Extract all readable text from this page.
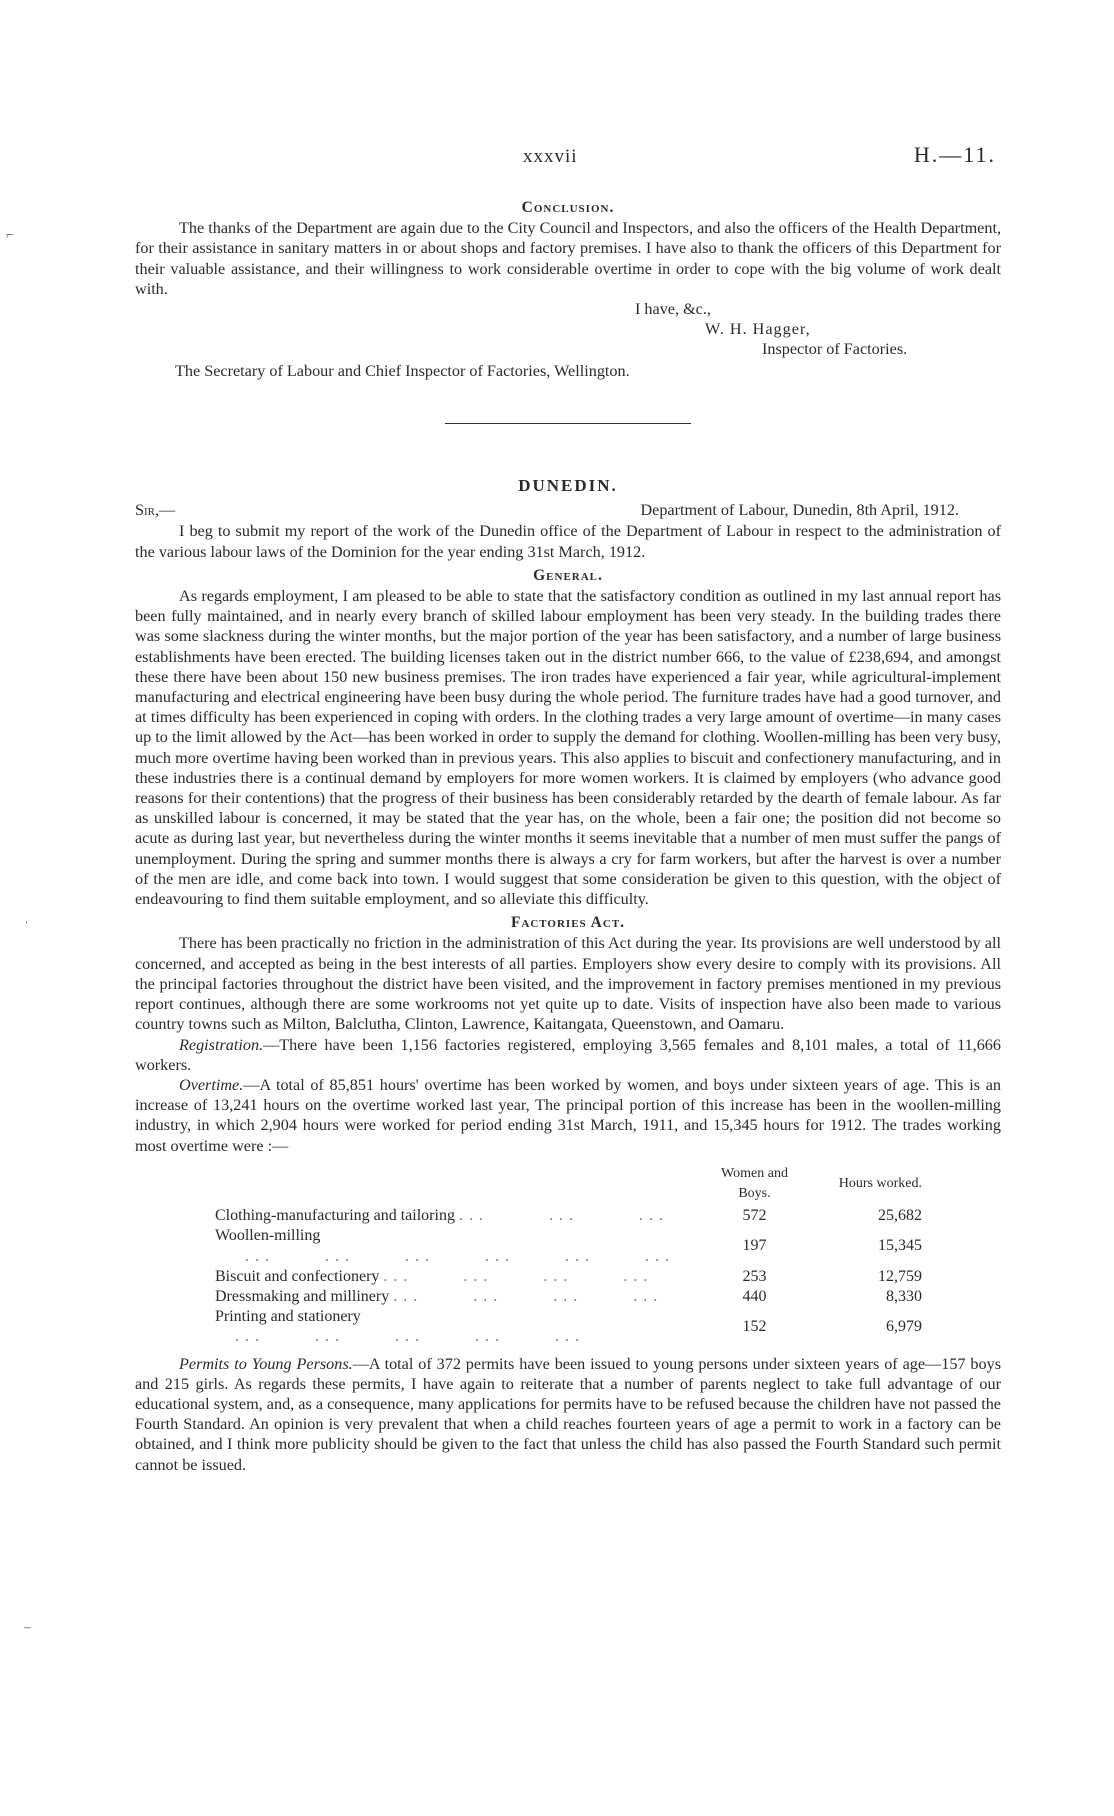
xxxvii	H.—11.
⌐
ˈ
–
Conclusion.

The thanks of the Department are again due to the City Council and Inspectors, and also the officers of the Health Department, for their assistance in sanitary matters in or about shops and factory premises. I have also to thank the officers of this Department for their valuable assistance, and their willingness to work considerable overtime in order to cope with the big volume of work dealt with.

I have, &c.,
W. H. Hagger,
Inspector of Factories.

The Secretary of Labour and Chief Inspector of Factories, Wellington.

DUNEDIN.
Sir,—	Department of Labour, Dunedin, 8th April, 1912.

I beg to submit my report of the work of the Dunedin office of the Department of Labour in respect to the administration of the various labour laws of the Dominion for the year ending 31st March, 1912.

General.

As regards employment, I am pleased to be able to state that the satisfactory condition as outlined in my last annual report has been fully maintained, and in nearly every branch of skilled labour employment has been very steady. In the building trades there was some slackness during the winter months, but the major portion of the year has been satisfactory, and a number of large business establishments have been erected. The building licenses taken out in the district number 666, to the value of £238,694, and amongst these there have been about 150 new business premises. The iron trades have experienced a fair year, while agricultural-implement manufacturing and electrical engineering have been busy during the whole period. The furniture trades have had a good turnover, and at times difficulty has been experienced in coping with orders. In the clothing trades a very large amount of overtime—in many cases up to the limit allowed by the Act—has been worked in order to supply the demand for clothing. Woollen-milling has been very busy, much more overtime having been worked than in previous years. This also applies to biscuit and confectionery manufacturing, and in these industries there is a continual demand by employers for more women workers. It is claimed by employers (who advance good reasons for their contentions) that the progress of their business has been considerably retarded by the dearth of female labour. As far as unskilled labour is concerned, it may be stated that the year has, on the whole, been a fair one; the position did not become so acute as during last year, but nevertheless during the winter months it seems inevitable that a number of men must suffer the pangs of unemployment. During the spring and summer months there is always a cry for farm workers, but after the harvest is over a number of the men are idle, and come back into town. I would suggest that some consideration be given to this question, with the object of endeavouring to find them suitable employment, and so alleviate this difficulty.

Factories Act.

There has been practically no friction in the administration of this Act during the year. Its provisions are well understood by all concerned, and accepted as being in the best interests of all parties. Employers show every desire to comply with its provisions. All the principal factories throughout the district have been visited, and the improvement in factory premises mentioned in my previous report continues, although there are some workrooms not yet quite up to date. Visits of inspection have also been made to various country towns such as Milton, Balclutha, Clinton, Lawrence, Kaitangata, Queenstown, and Oamaru.

Registration.—There have been 1,156 factories registered, employing 3,565 females and 8,101 males, a total of 11,666 workers.

Overtime.—A total of 85,851 hours' overtime has been worked by women, and boys under sixteen years of age. This is an increase of 13,241 hours on the overtime worked last year, The principal portion of this increase has been in the woollen-milling industry, in which 2,904 hours were worked for period ending 31st March, 1911, and 15,345 hours for 1912. The trades working most overtime were :—

	Women and Boys.	Hours worked.
Clothing-manufacturing and tailoring ...      ...      ...	572	25,682
Woollen-milling    ...     ...     ...     ...     ...     ...	197	15,345
Biscuit and confectionery ...     ...     ...     ...	253	12,759
Dressmaking and millinery ...     ...     ...     ...	440	8,330
Printing and stationery   ...     ...     ...     ...     ...	152	6,979

Permits to Young Persons.—A total of 372 permits have been issued to young persons under sixteen years of age—157 boys and 215 girls. As regards these permits, I have again to reiterate that a number of parents neglect to take full advantage of our educational system, and, as a consequence, many applications for permits have to be refused because the children have not passed the Fourth Standard. An opinion is very prevalent that when a child reaches fourteen years of age a permit to work in a factory can be obtained, and I think more publicity should be given to the fact that unless the child has also passed the Fourth Standard such permit cannot be issued.
